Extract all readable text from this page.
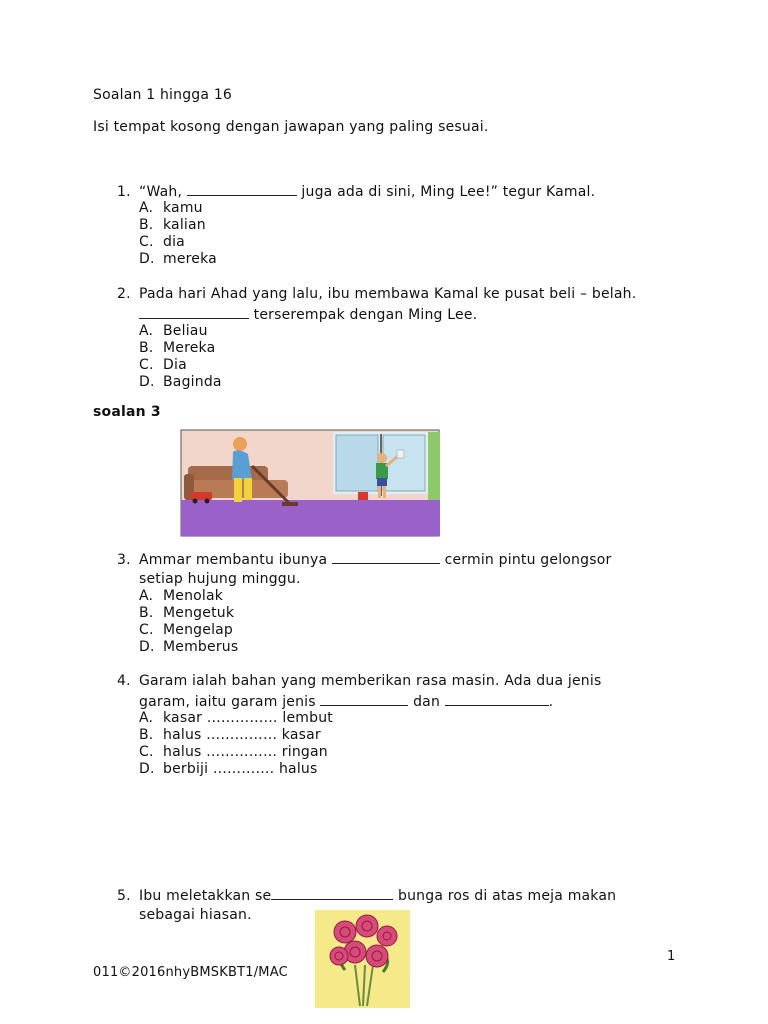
Soalan 1 hingga 16
Isi tempat kosong dengan jawapan yang paling sesuai.
1. “Wah,	juga ada di sini, Ming Lee!” tegur Kamal.
A. kamu
B. kalian
C. dia
D. mereka
2. Pada hari Ahad yang lalu, ibu membawa Kamal ke pusat beli – belah.
terserempak dengan Ming Lee.
A. Beliau
B. Mereka
C. Dia
D. Baginda
soalan 3
3. Ammar membantu ibunya	cermin pintu gelongsor
setiap hujung minggu.
A. Menolak
B. Mengetuk
C. Mengelap
D. Memberus
4. Garam ialah bahan yang memberikan rasa masin. Ada dua jenis
garam, iaitu garam jenis	dan	.
A. kasar …………… lembut
B. halus …………… kasar
C. halus …………… ringan
D. berbiji …………. halus
5. Ibu meletakkan se	bunga ros di atas meja makan
sebagai hiasan.
1
011©2016nhyBMSKBT1/MAC
